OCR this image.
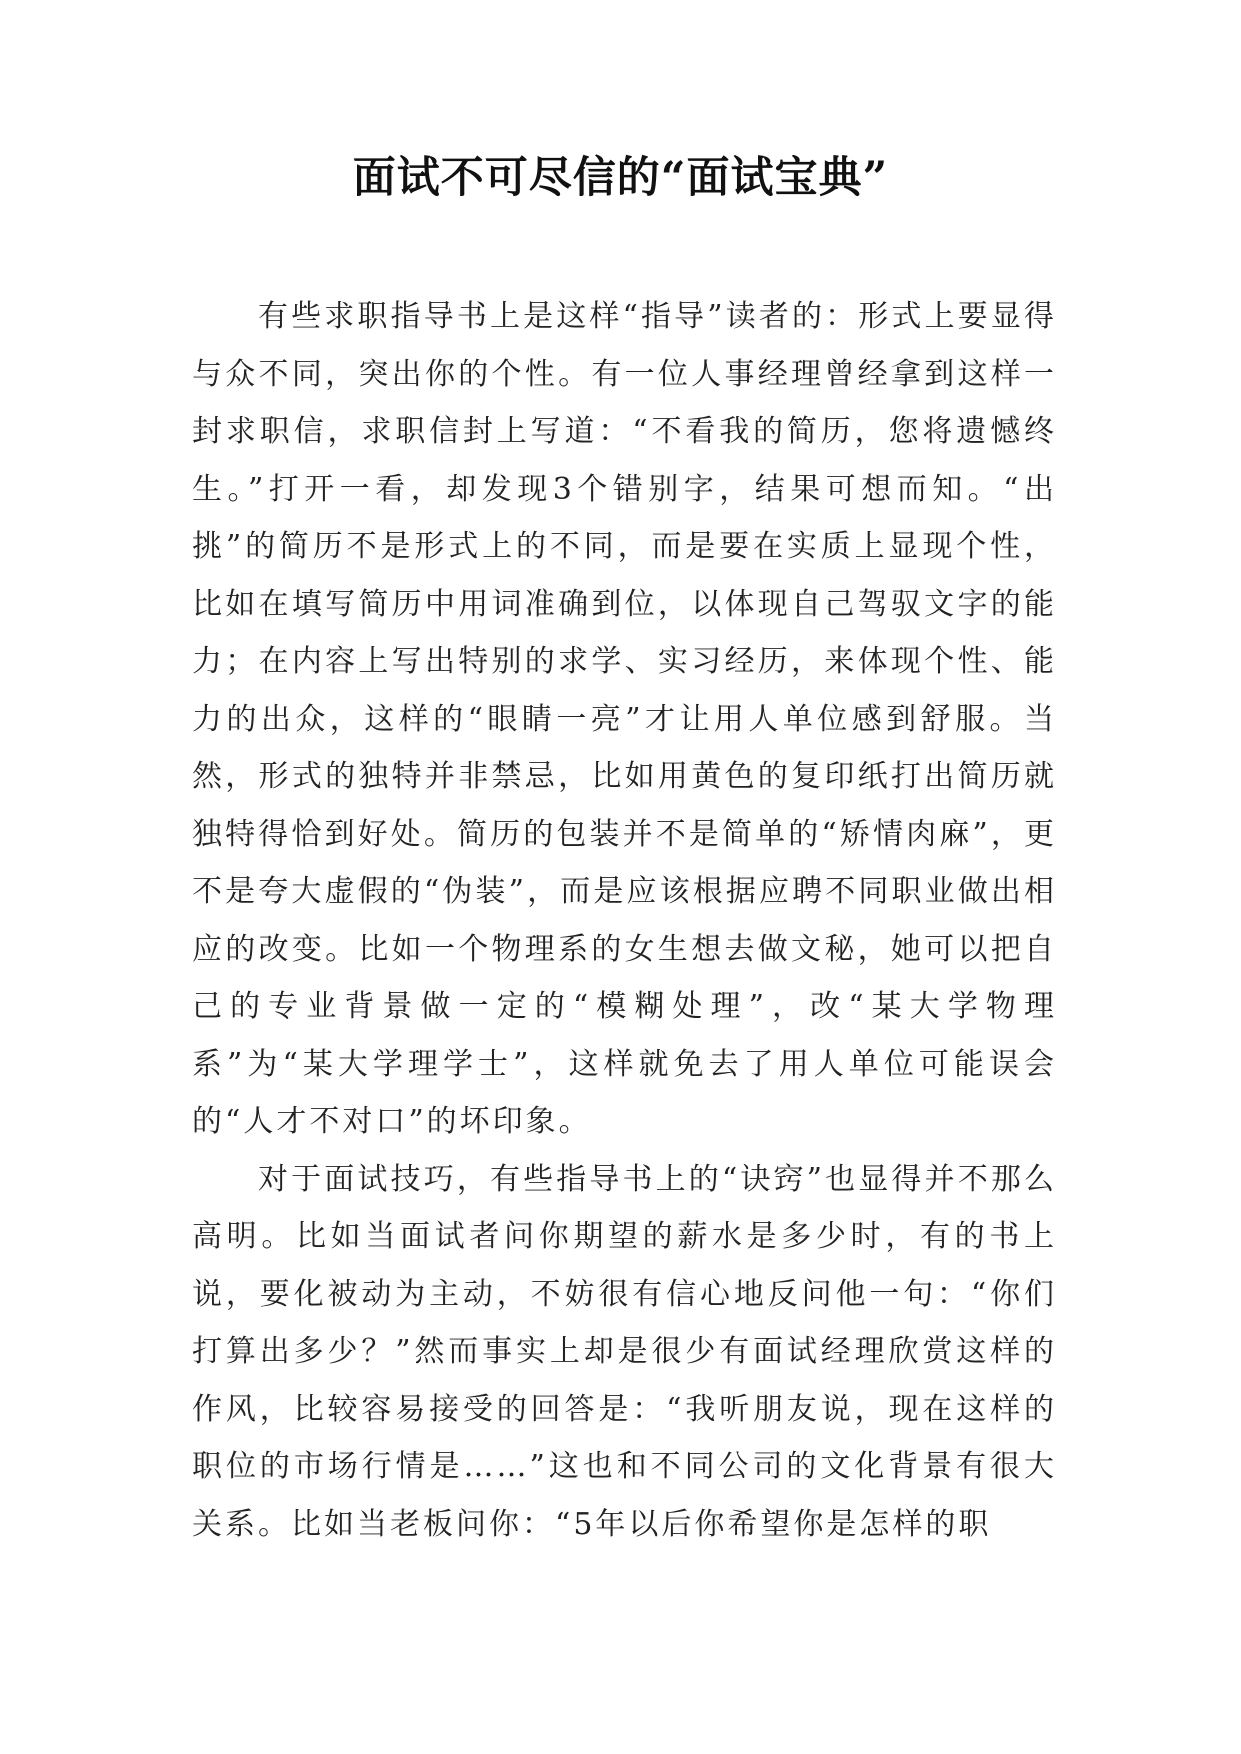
面试不可尽信的“面试宝典”

有些求职指导书上是这样“指导”读者的：形式上要显得与众不同，突出你的个性。有一位人事经理曾经拿到这样一封求职信，求职信封上写道：“不看我的简历，您将遗憾终生。”打开一看，却发现3个错别字，结果可想而知。“出挑”的简历不是形式上的不同，而是要在实质上显现个性，比如在填写简历中用词准确到位，以体现自己驾驭文字的能力；在内容上写出特别的求学、实习经历，来体现个性、能力的出众，这样的“眼睛一亮”才让用人单位感到舒服。当然，形式的独特并非禁忌，比如用黄色的复印纸打出简历就独特得恰到好处。简历的包装并不是简单的“矫情肉麻”，更不是夸大虚假的“伪装”，而是应该根据应聘不同职业做出相应的改变。比如一个物理系的女生想去做文秘，她可以把自己的专业背景做一定的“模糊处理”，改“某大学物理系”为“某大学理学士”，这样就免去了用人单位可能误会的“人才不对口”的坏印象。

对于面试技巧，有些指导书上的“诀窍”也显得并不那么高明。比如当面试者问你期望的薪水是多少时，有的书上说，要化被动为主动，不妨很有信心地反问他一句：“你们打算出多少？”然而事实上却是很少有面试经理欣赏这样的作风，比较容易接受的回答是：“我听朋友说，现在这样的职位的市场行情是……”这也和不同公司的文化背景有很大关系。比如当老板问你：“5年以后你希望你是怎样的职
